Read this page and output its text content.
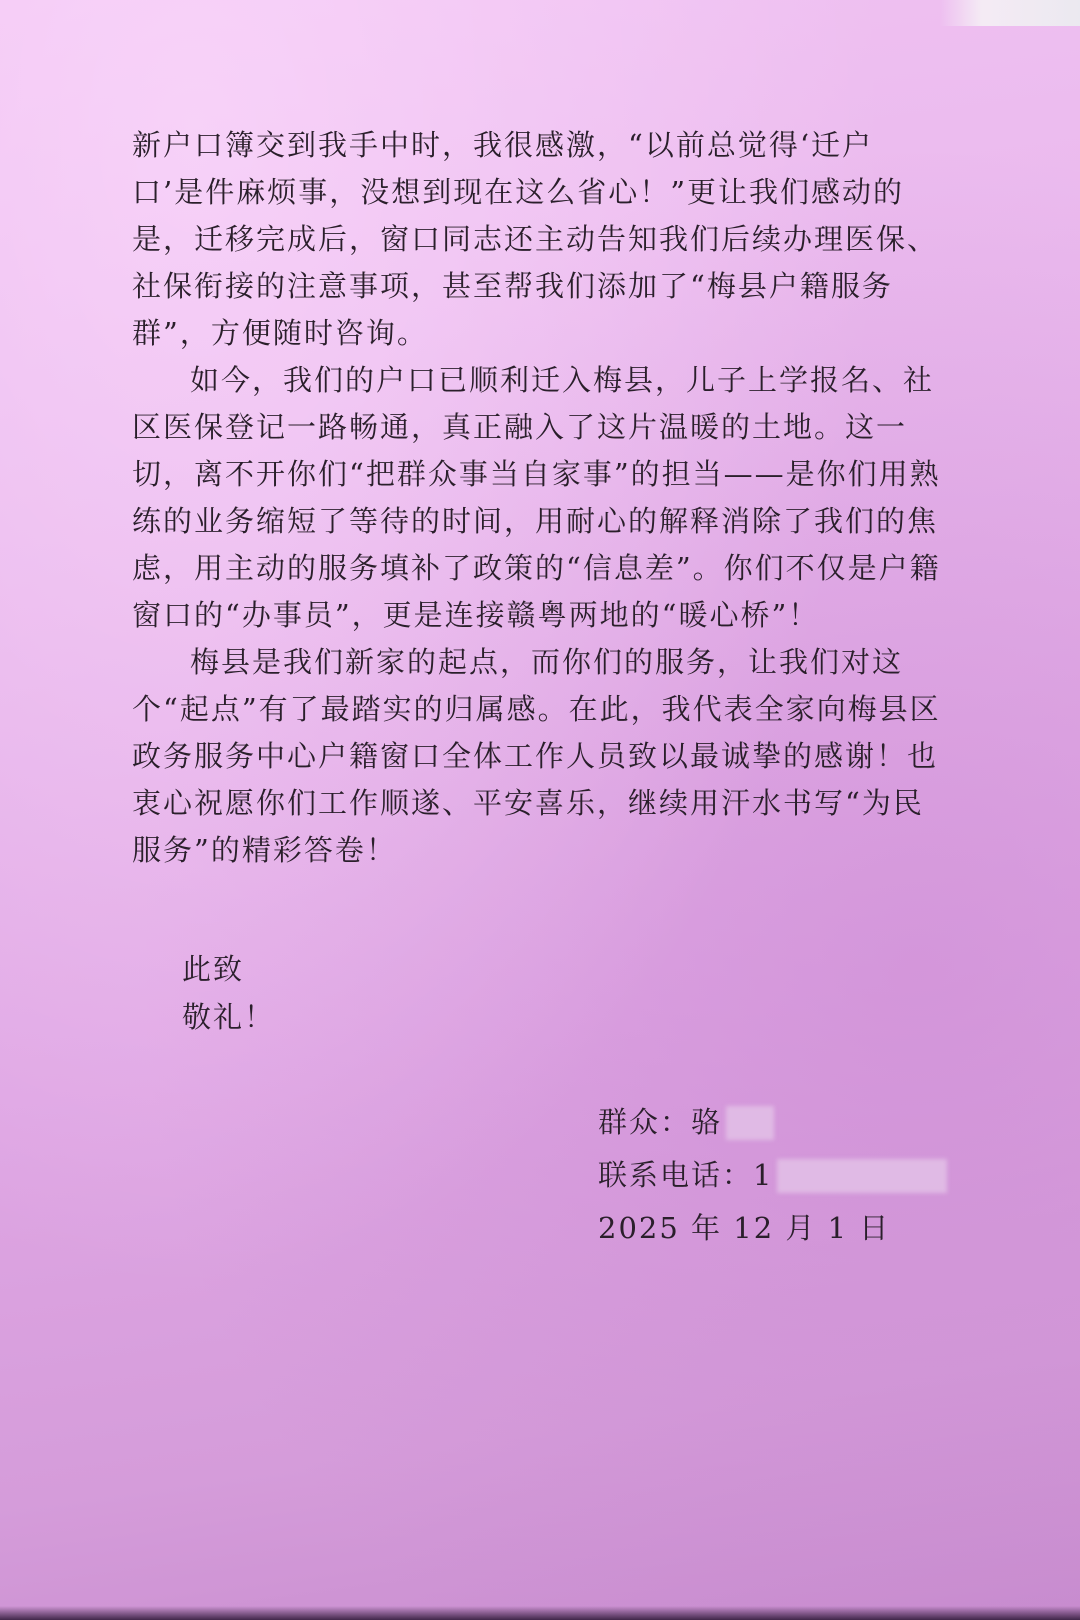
新户口簿交到我手中时，我很感激，“以前总觉得‘迁户口’是件麻烦事，没想到现在这么省心！”更让我们感动的是，迁移完成后，窗口同志还主动告知我们后续办理医保、社保衔接的注意事项，甚至帮我们添加了“梅县户籍服务群”，方便随时咨询。

如今，我们的户口已顺利迁入梅县，儿子上学报名、社区医保登记一路畅通，真正融入了这片温暖的土地。这一切，离不开你们“把群众事当自家事”的担当——是你们用熟练的业务缩短了等待的时间，用耐心的解释消除了我们的焦虑，用主动的服务填补了政策的“信息差”。你们不仅是户籍窗口的“办事员”，更是连接赣粤两地的“暖心桥”！

梅县是我们新家的起点，而你们的服务，让我们对这个“起点”有了最踏实的归属感。在此，我代表全家向梅县区政务服务中心户籍窗口全体工作人员致以最诚挚的感谢！也衷心祝愿你们工作顺遂、平安喜乐，继续用汗水书写“为民服务”的精彩答卷！

此致
敬礼！
群众：骆
联系电话：1
2025 年 12 月 1 日
